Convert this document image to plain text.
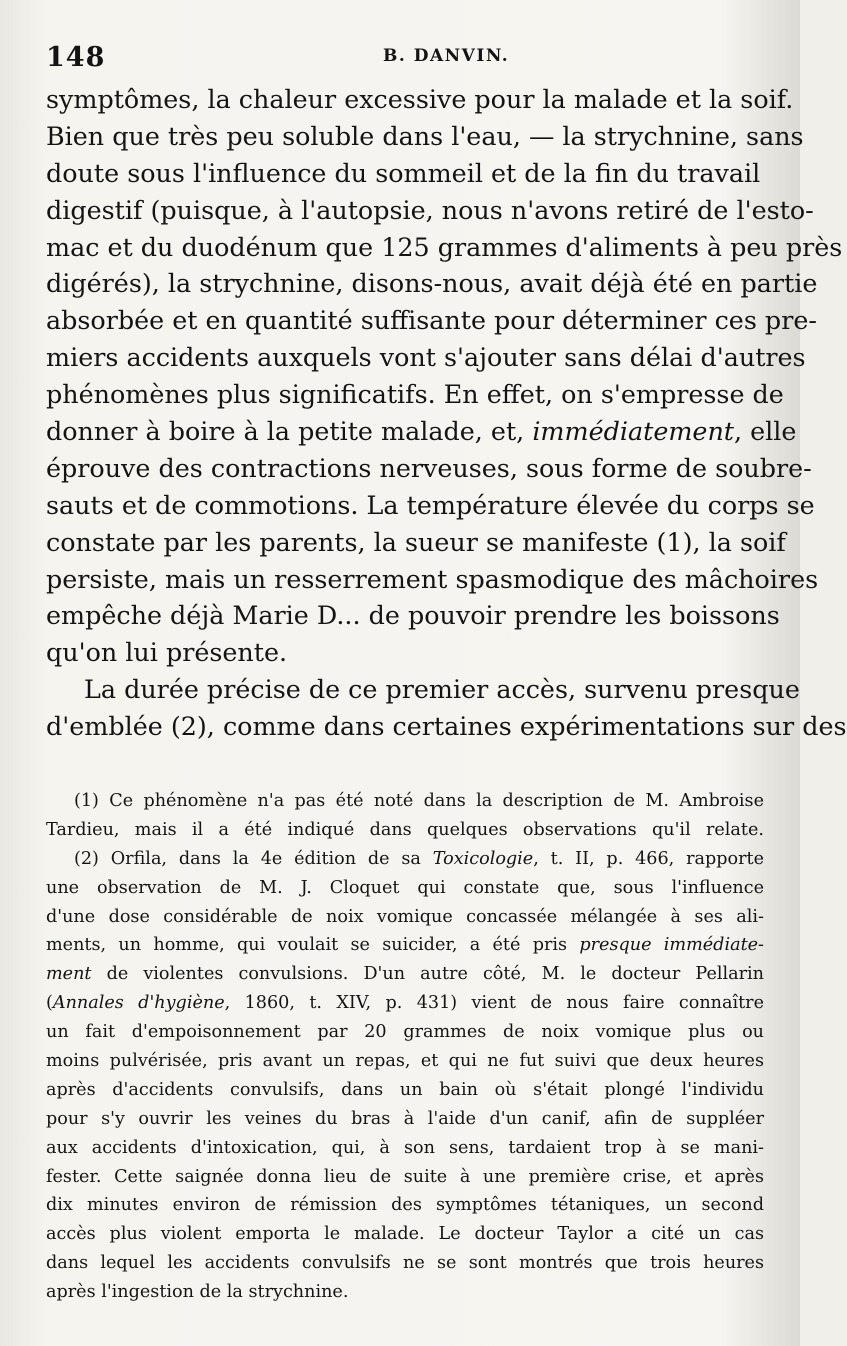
148	B. DANVIN.
symptômes, la chaleur excessive pour la malade et la soif.
Bien que très peu soluble dans l'eau, — la strychnine, sans
doute sous l'influence du sommeil et de la fin du travail
digestif (puisque, à l'autopsie, nous n'avons retiré de l'esto-
mac et du duodénum que 125 grammes d'aliments à peu près
digérés), la strychnine, disons-nous, avait déjà été en partie
absorbée et en quantité suffisante pour déterminer ces pre-
miers accidents auxquels vont s'ajouter sans délai d'autres
phénomènes plus significatifs. En effet, on s'empresse de
donner à boire à la petite malade, et, immédiatement, elle
éprouve des contractions nerveuses, sous forme de soubre-
sauts et de commotions. La température élevée du corps se
constate par les parents, la sueur se manifeste (1), la soif
persiste, mais un resserrement spasmodique des mâchoires
empêche déjà Marie D... de pouvoir prendre les boissons
qu'on lui présente.
La durée précise de ce premier accès, survenu presque
d'emblée (2), comme dans certaines expérimentations sur des
(1) Ce phénomène n'a pas été noté dans la description de M. Ambroise
Tardieu, mais il a été indiqué dans quelques observations qu'il relate.
(2) Orfila, dans la 4e édition de sa Toxicologie, t. II, p. 466, rapporte
une observation de M. J. Cloquet qui constate que, sous l'influence
d'une dose considérable de noix vomique concassée mélangée à ses ali-
ments, un homme, qui voulait se suicider, a été pris presque immédiate-
ment de violentes convulsions. D'un autre côté, M. le docteur Pellarin
(Annales d'hygiène, 1860, t. XIV, p. 431) vient de nous faire connaître
un fait d'empoisonnement par 20 grammes de noix vomique plus ou
moins pulvérisée, pris avant un repas, et qui ne fut suivi que deux heures
après d'accidents convulsifs, dans un bain où s'était plongé l'individu
pour s'y ouvrir les veines du bras à l'aide d'un canif, afin de suppléer
aux accidents d'intoxication, qui, à son sens, tardaient trop à se mani-
fester. Cette saignée donna lieu de suite à une première crise, et après
dix minutes environ de rémission des symptômes tétaniques, un second
accès plus violent emporta le malade. Le docteur Taylor a cité un cas
dans lequel les accidents convulsifs ne se sont montrés que trois heures
après l'ingestion de la strychnine.
